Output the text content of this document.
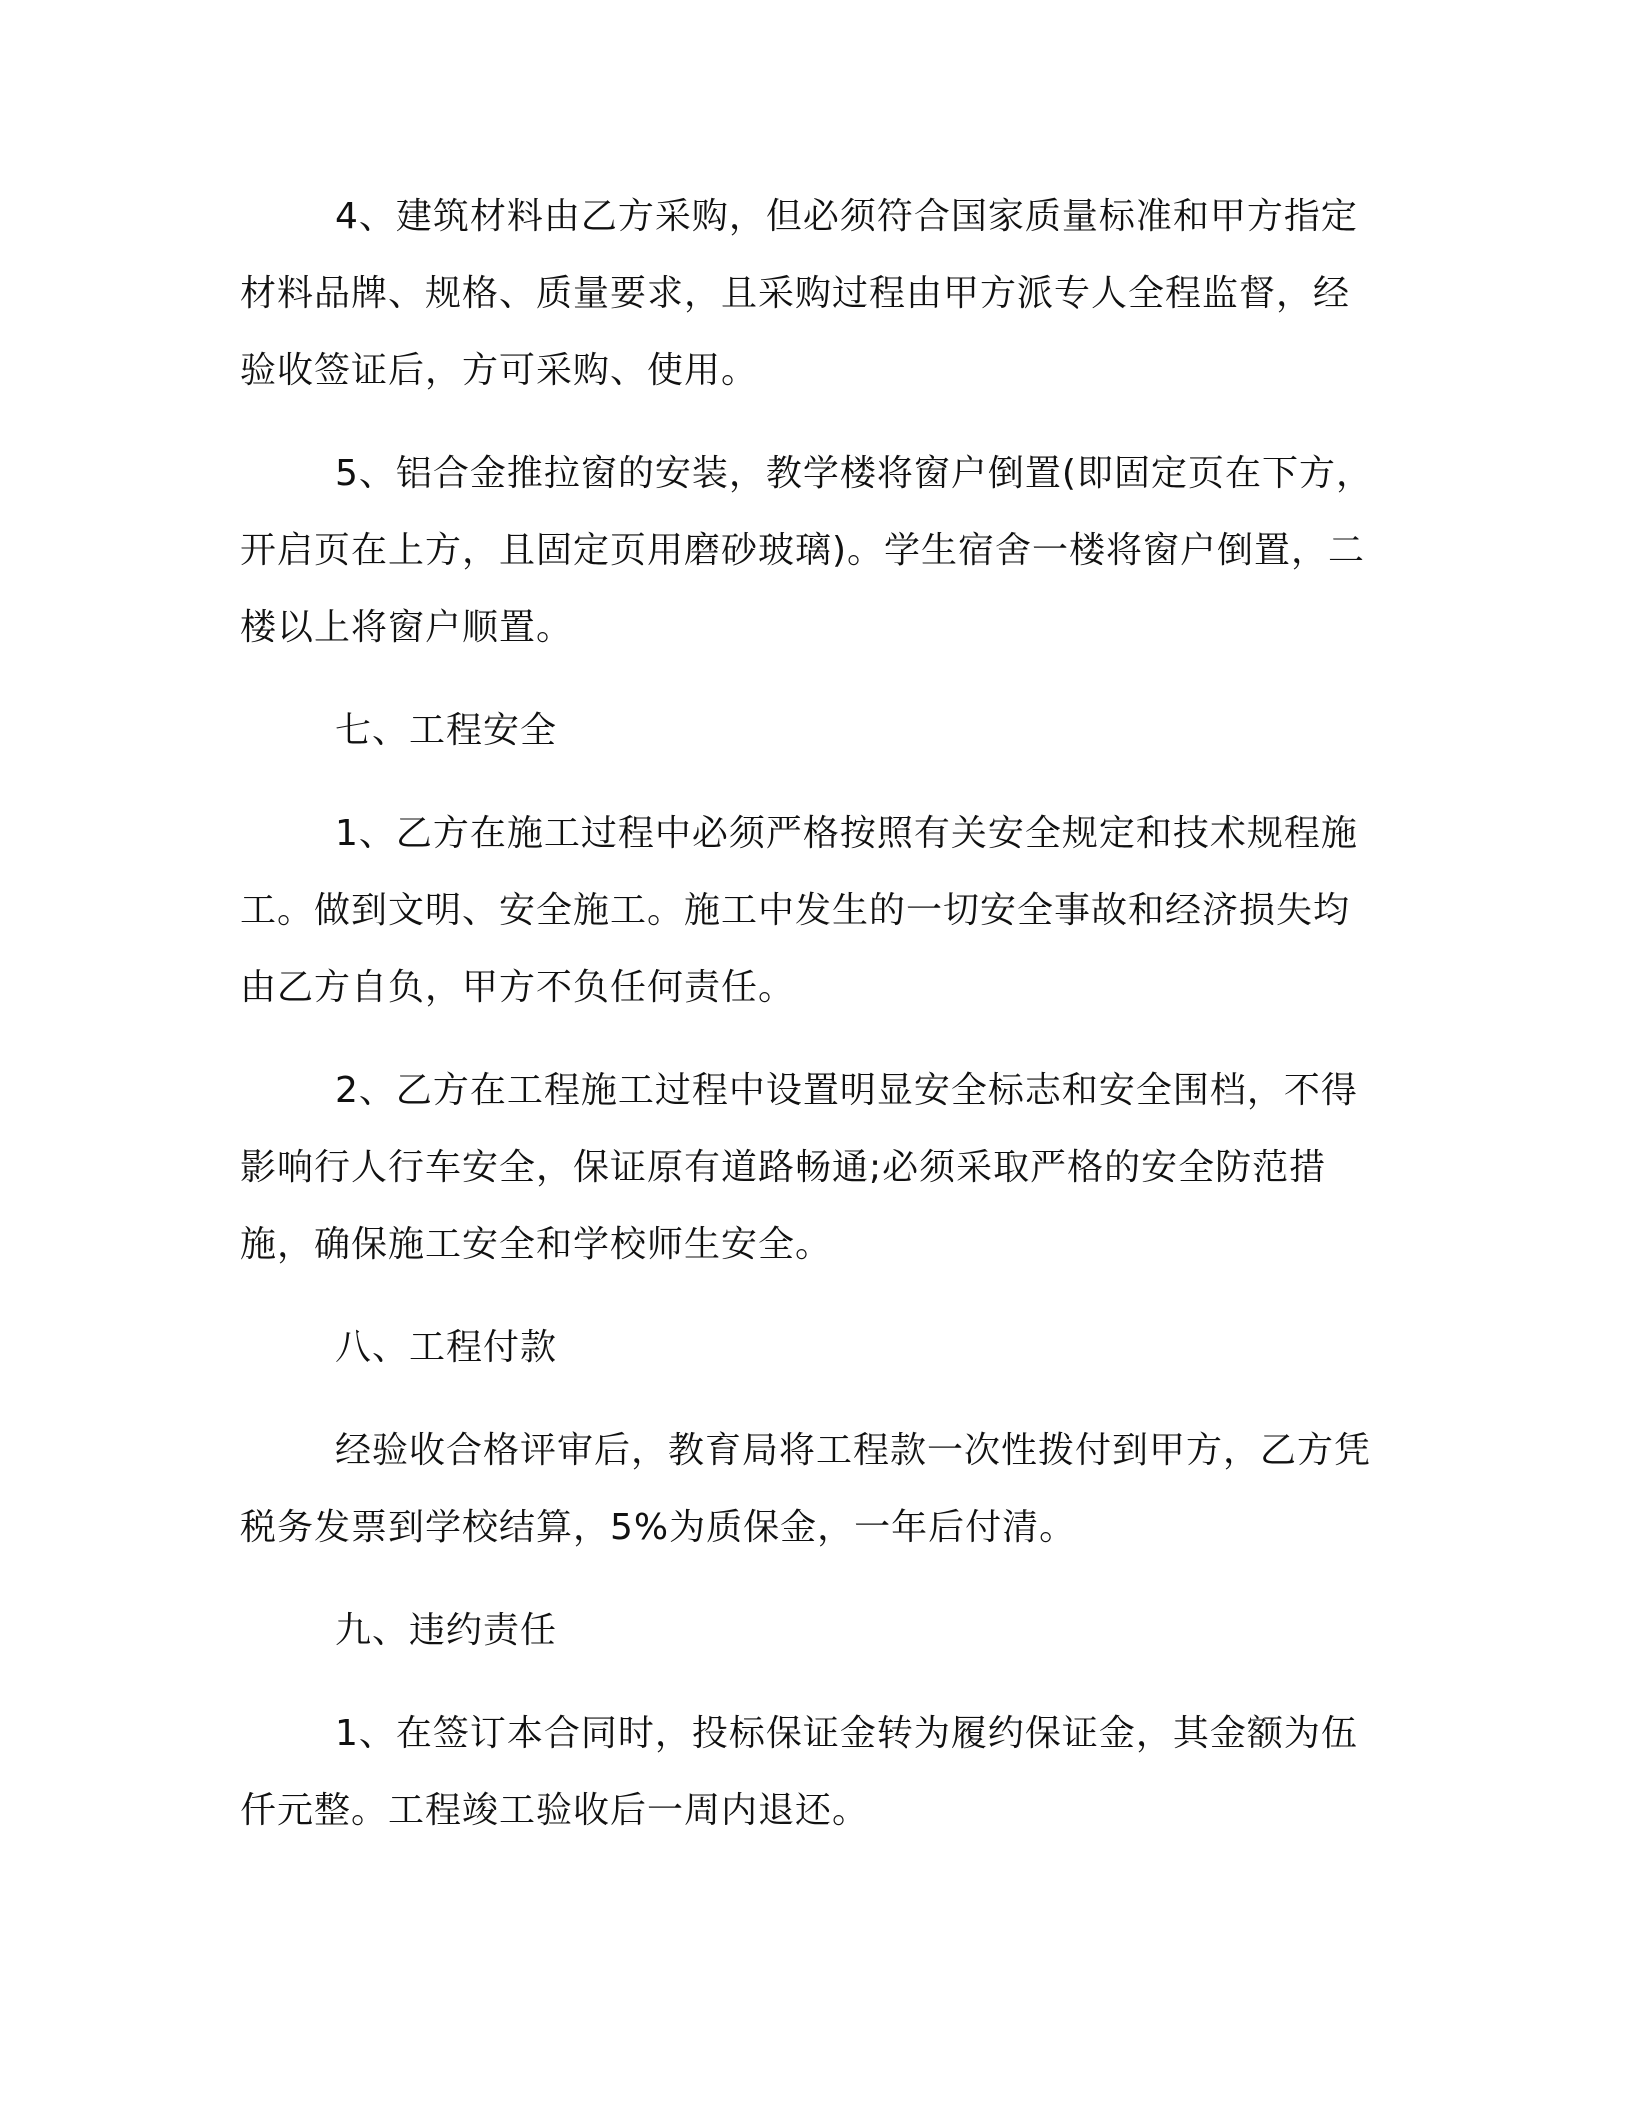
4、建筑材料由乙方采购，但必须符合国家质量标准和甲方指定材料品牌、规格、质量要求，且采购过程由甲方派专人全程监督，经验收签证后，方可采购、使用。

5、铝合金推拉窗的安装，教学楼将窗户倒置(即固定页在下方，开启页在上方，且固定页用磨砂玻璃)。学生宿舍一楼将窗户倒置，二楼以上将窗户顺置。

七、工程安全

1、乙方在施工过程中必须严格按照有关安全规定和技术规程施工。做到文明、安全施工。施工中发生的一切安全事故和经济损失均由乙方自负，甲方不负任何责任。

2、乙方在工程施工过程中设置明显安全标志和安全围档，不得影响行人行车安全，保证原有道路畅通;必须采取严格的安全防范措施，确保施工安全和学校师生安全。

八、工程付款

经验收合格评审后，教育局将工程款一次性拨付到甲方，乙方凭税务发票到学校结算，5%为质保金，一年后付清。

九、违约责任

1、在签订本合同时，投标保证金转为履约保证金，其金额为伍仟元整。工程竣工验收后一周内退还。
